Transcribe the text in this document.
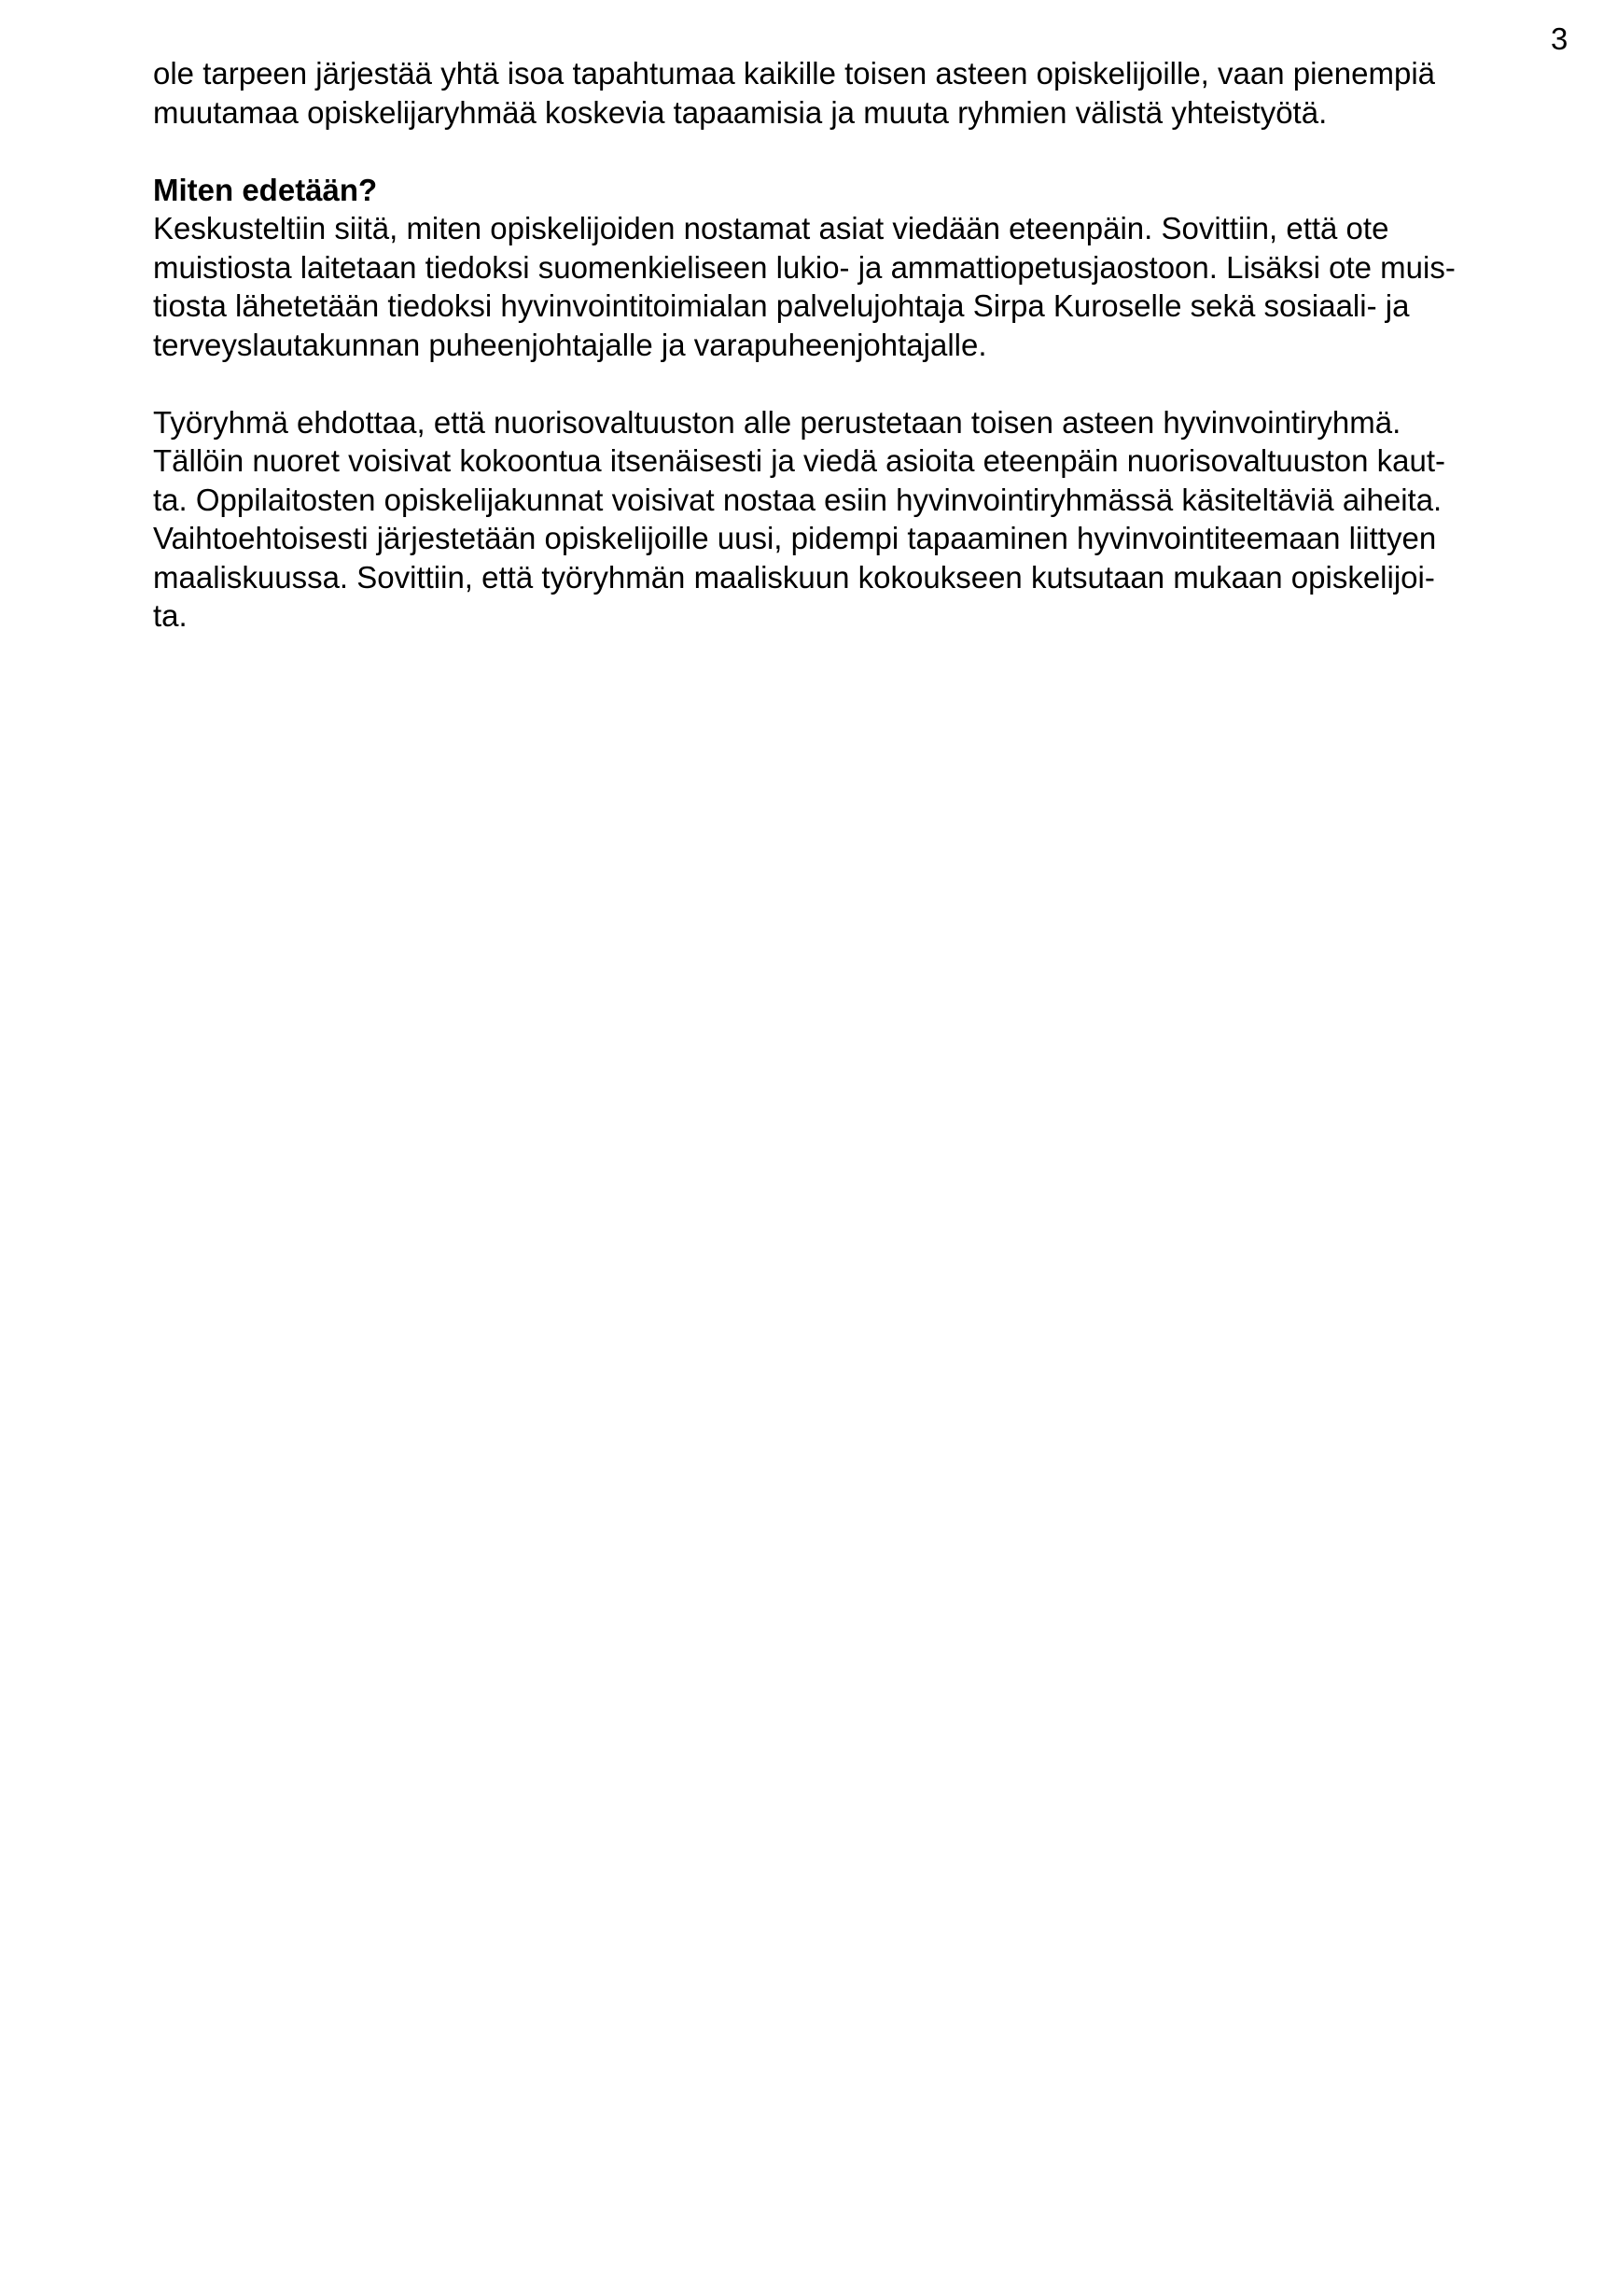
3
ole tarpeen järjestää yhtä isoa tapahtumaa kaikille toisen asteen opiskelijoille, vaan pienempiä
muutamaa opiskelijaryhmää koskevia tapaamisia ja muuta ryhmien välistä yhteistyötä.
Miten edetään?
Keskusteltiin siitä, miten opiskelijoiden nostamat asiat viedään eteenpäin. Sovittiin, että ote
muistiosta laitetaan tiedoksi suomenkieliseen lukio- ja ammattiopetusjaostoon. Lisäksi ote muis-
tiosta lähetetään tiedoksi hyvinvointitoimialan palvelujohtaja Sirpa Kuroselle sekä sosiaali- ja
terveyslautakunnan puheenjohtajalle ja varapuheenjohtajalle.
Työryhmä ehdottaa, että nuorisovaltuuston alle perustetaan toisen asteen hyvinvointiryhmä.
Tällöin nuoret voisivat kokoontua itsenäisesti ja viedä asioita eteenpäin nuorisovaltuuston kaut-
ta. Oppilaitosten opiskelijakunnat voisivat nostaa esiin hyvinvointiryhmässä käsiteltäviä aiheita.
Vaihtoehtoisesti järjestetään opiskelijoille uusi, pidempi tapaaminen hyvinvointiteemaan liittyen
maaliskuussa. Sovittiin, että työryhmän maaliskuun kokoukseen kutsutaan mukaan opiskelijoi-
ta.
